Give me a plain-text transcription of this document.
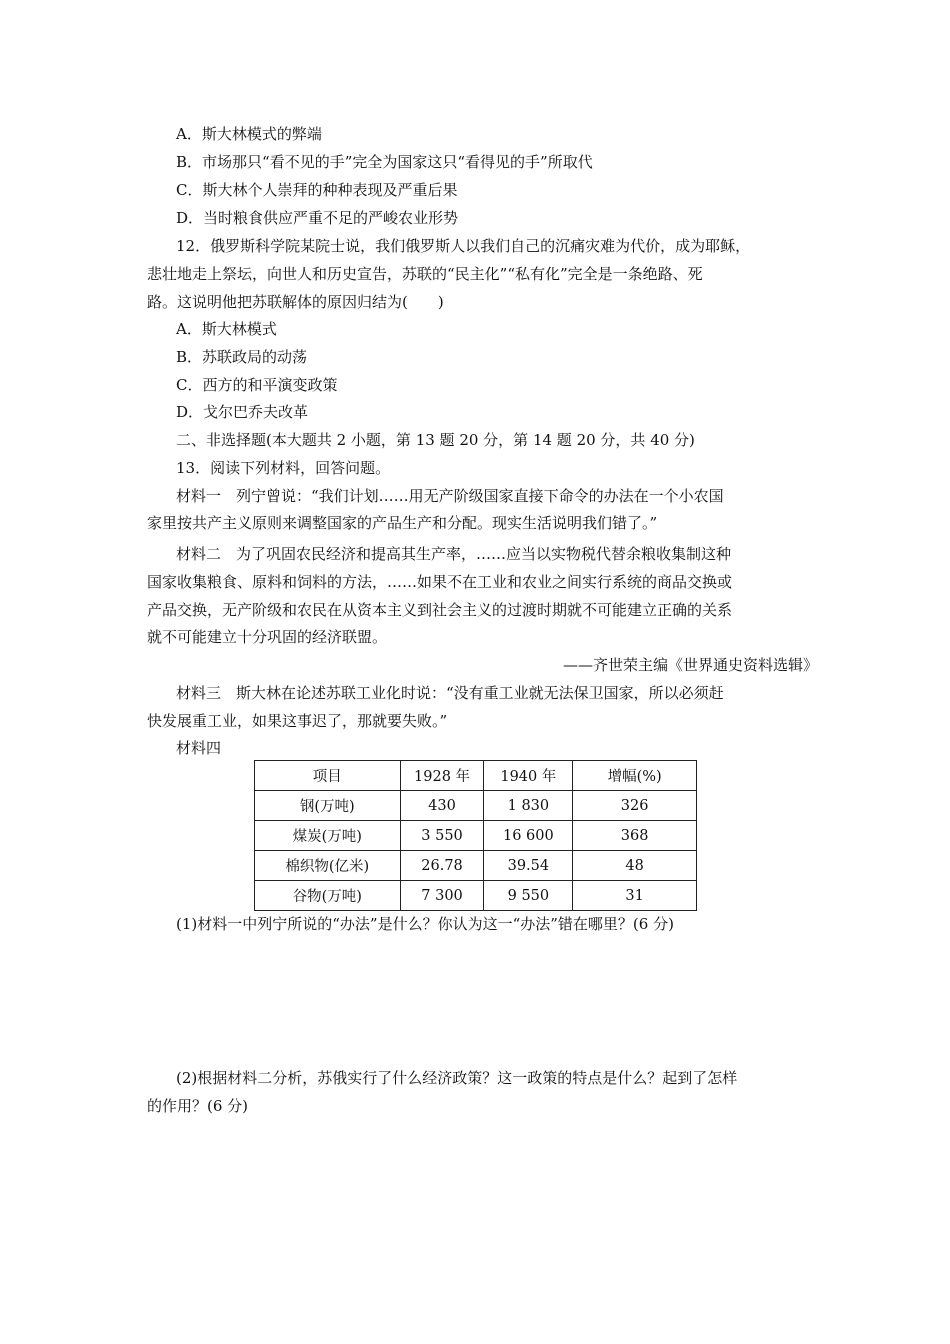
A．斯大林模式的弊端
B．市场那只“看不见的手”完全为国家这只“看得见的手”所取代
C．斯大林个人崇拜的种种表现及严重后果
D．当时粮食供应严重不足的严峻农业形势
12．俄罗斯科学院某院士说，我们俄罗斯人以我们自己的沉痛灾难为代价，成为耶稣，
悲壮地走上祭坛，向世人和历史宣告，苏联的“民主化”“私有化”完全是一条绝路、死
路。这说明他把苏联解体的原因归结为(　　)
A．斯大林模式
B．苏联政局的动荡
C．西方的和平演变政策
D．戈尔巴乔夫改革
二、非选择题(本大题共 2 小题，第 13 题 20 分，第 14 题 20 分，共 40 分)
13．阅读下列材料，回答问题。
材料一　列宁曾说：“我们计划……用无产阶级国家直接下命令的办法在一个小农国
家里按共产主义原则来调整国家的产品生产和分配。现实生活说明我们错了。”
材料二　为了巩固农民经济和提高其生产率，……应当以实物税代替余粮收集制这种
国家收集粮食、原料和饲料的方法，……如果不在工业和农业之间实行系统的商品交换或
产品交换，无产阶级和农民在从资本主义到社会主义的过渡时期就不可能建立正确的关系
就不可能建立十分巩固的经济联盟。
——齐世荣主编《世界通史资料选辑》
材料三　斯大林在论述苏联工业化时说：“没有重工业就无法保卫国家，所以必须赶
快发展重工业，如果这事迟了，那就要失败。”
材料四
项目	1928 年	1940 年	增幅(%)
钢(万吨)	430	1 830	326
煤炭(万吨)	3 550	16 600	368
棉织物(亿米)	26.78	39.54	48
谷物(万吨)	7 300	9 550	31
(1)材料一中列宁所说的“办法”是什么？你认为这一“办法”错在哪里？(6 分)
(2)根据材料二分析，苏俄实行了什么经济政策？这一政策的特点是什么？起到了怎样
的作用？(6 分)
